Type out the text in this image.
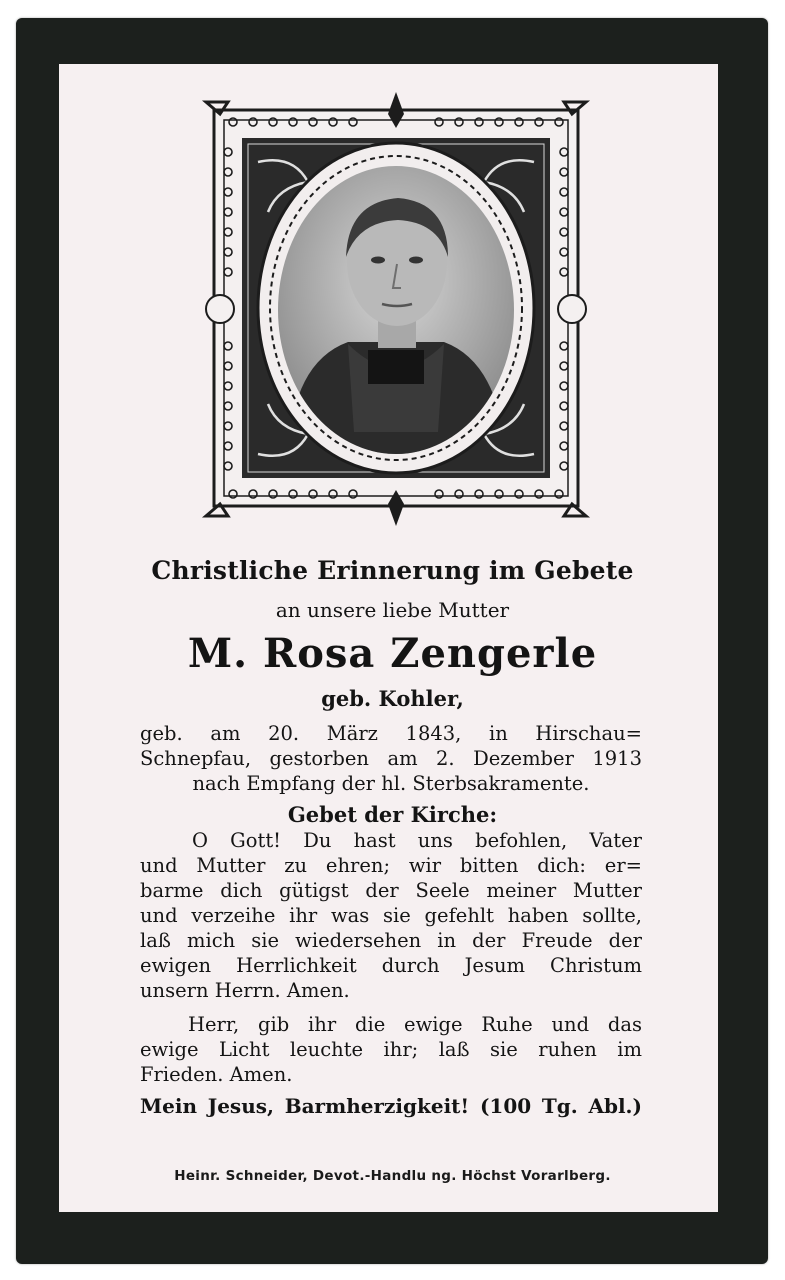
Christliche Erinnerung im Gebete
an unsere liebe Mutter
M. Rosa Zengerle
geb. Kohler,
geb. am 20. März 1843, in Hirschau=
Schnepfau, gestorben am 2. Dezember 1913
nach Empfang der hl. Sterbsakramente.
Gebet der Kirche:
O Gott! Du hast uns befohlen, Vater
und Mutter zu ehren; wir bitten dich: er=
barme dich gütigst der Seele meiner Mutter
und verzeihe ihr was sie gefehlt haben sollte,
laß mich sie wiedersehen in der Freude der
ewigen Herrlichkeit durch Jesum Christum
unsern Herrn. Amen.
Herr, gib ihr die ewige Ruhe und das
ewige Licht leuchte ihr; laß sie ruhen im
Frieden. Amen.
Mein Jesus, Barmherzigkeit! (100 Tg. Abl.)
Heinr. Schneider, Devot.-Handlu ng. Höchst Vorarlberg.
